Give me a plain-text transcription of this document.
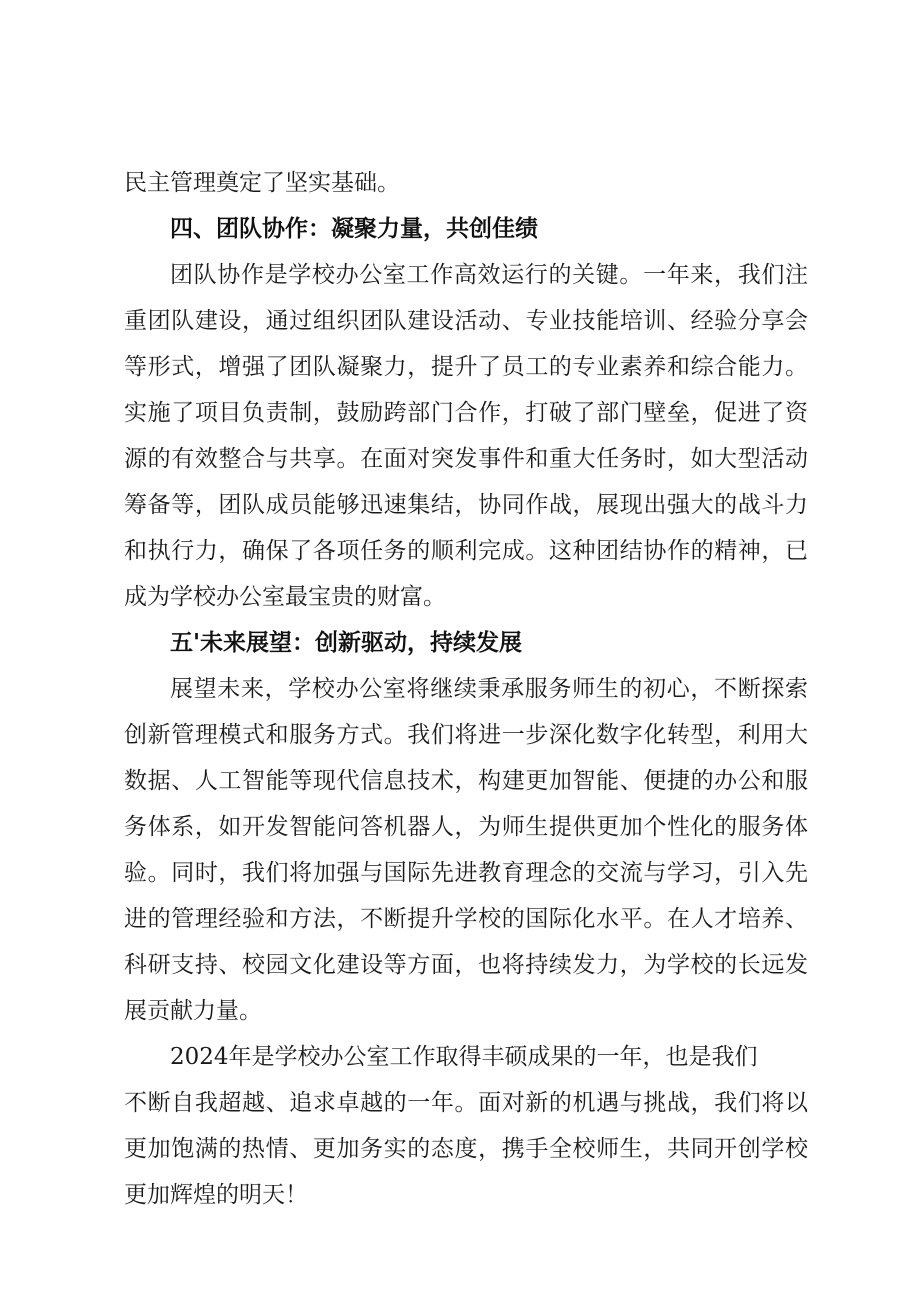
民主管理奠定了坚实基础。

四、团队协作：凝聚力量，共创佳绩

团队协作是学校办公室工作高效运行的关键。一年来，我们注重团队建设，通过组织团队建设活动、专业技能培训、经验分享会等形式，增强了团队凝聚力，提升了员工的专业素养和综合能力。实施了项目负责制，鼓励跨部门合作，打破了部门壁垒，促进了资源的有效整合与共享。在面对突发事件和重大任务时，如大型活动筹备等，团队成员能够迅速集结，协同作战，展现出强大的战斗力和执行力，确保了各项任务的顺利完成。这种团结协作的精神，已成为学校办公室最宝贵的财富。

五'未来展望：创新驱动，持续发展

展望未来，学校办公室将继续秉承服务师生的初心，不断探索创新管理模式和服务方式。我们将进一步深化数字化转型，利用大数据、人工智能等现代信息技术，构建更加智能、便捷的办公和服务体系，如开发智能问答机器人，为师生提供更加个性化的服务体验。同时，我们将加强与国际先进教育理念的交流与学习，引入先进的管理经验和方法，不断提升学校的国际化水平。在人才培养、科研支持、校园文化建设等方面，也将持续发力，为学校的长远发展贡献力量。

2024年是学校办公室工作取得丰硕成果的一年，也是我们
不断自我超越、追求卓越的一年。面对新的机遇与挑战，我们将以更加饱满的热情、更加务实的态度，携手全校师生，共同开创学校更加辉煌的明天！
